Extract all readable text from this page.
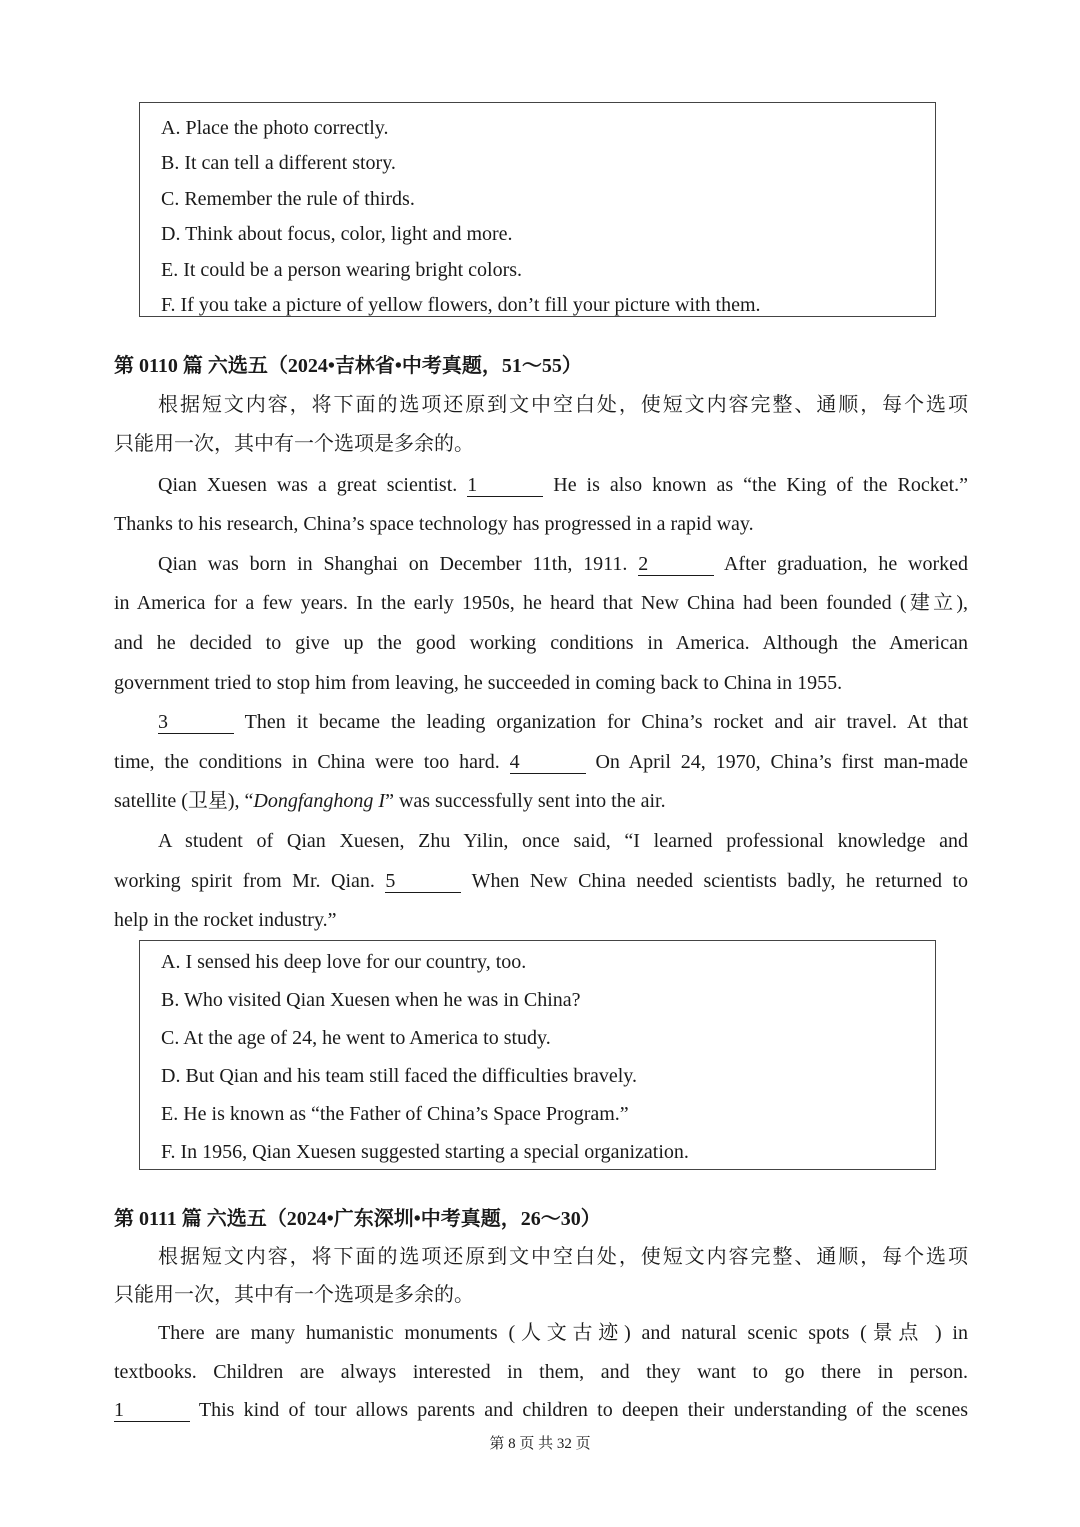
A. Place the photo correctly.
B. It can tell a different story.
C. Remember the rule of thirds.
D. Think about focus, color, light and more.
E. It could be a person wearing bright colors.
F. If you take a picture of yellow flowers, don’t fill your picture with them.
第 0110 篇 六选五（2024•吉林省•中考真题，51～55）
根据短文内容，将下面的选项还原到文中空白处，使短文内容完整、通顺，每个选项
只能用一次，其中有一个选项是多余的。
Qian Xuesen was a great scientist. 1	He is also known as “the King of the Rocket.”
Thanks to his research, China’s space technology has progressed in a rapid way.
Qian was born in Shanghai on December 11th, 1911. 2	After graduation, he worked
in America for a few years. In the early 1950s, he heard that New China had been founded (建立),
and he decided to give up the good working conditions in America. Although the American
government tried to stop him from leaving, he succeeded in coming back to China in 1955.
3	Then it became the leading organization for China’s rocket and air travel. At that
time, the conditions in China were too hard. 4	On April 24, 1970, China’s first man-made
satellite (卫星), “Dongfanghong I” was successfully sent into the air.
A student of Qian Xuesen, Zhu Yilin, once said, “I learned professional knowledge and
working spirit from Mr. Qian. 5	When New China needed scientists badly, he returned to
help in the rocket industry.”
A. I sensed his deep love for our country, too.
B. Who visited Qian Xuesen when he was in China?
C. At the age of 24, he went to America to study.
D. But Qian and his team still faced the difficulties bravely.
E. He is known as “the Father of China’s Space Program.”
F. In 1956, Qian Xuesen suggested starting a special organization.
第 0111 篇 六选五（2024•广东深圳•中考真题，26～30）
根据短文内容，将下面的选项还原到文中空白处，使短文内容完整、通顺，每个选项
只能用一次，其中有一个选项是多余的。
There are many humanistic monuments (人文古迹) and natural scenic spots (景点 ) in
textbooks. Children are always interested in them, and they want to go there in person.
1	This kind of tour allows parents and children to deepen their understanding of the scenes
第 8 页 共 32 页
